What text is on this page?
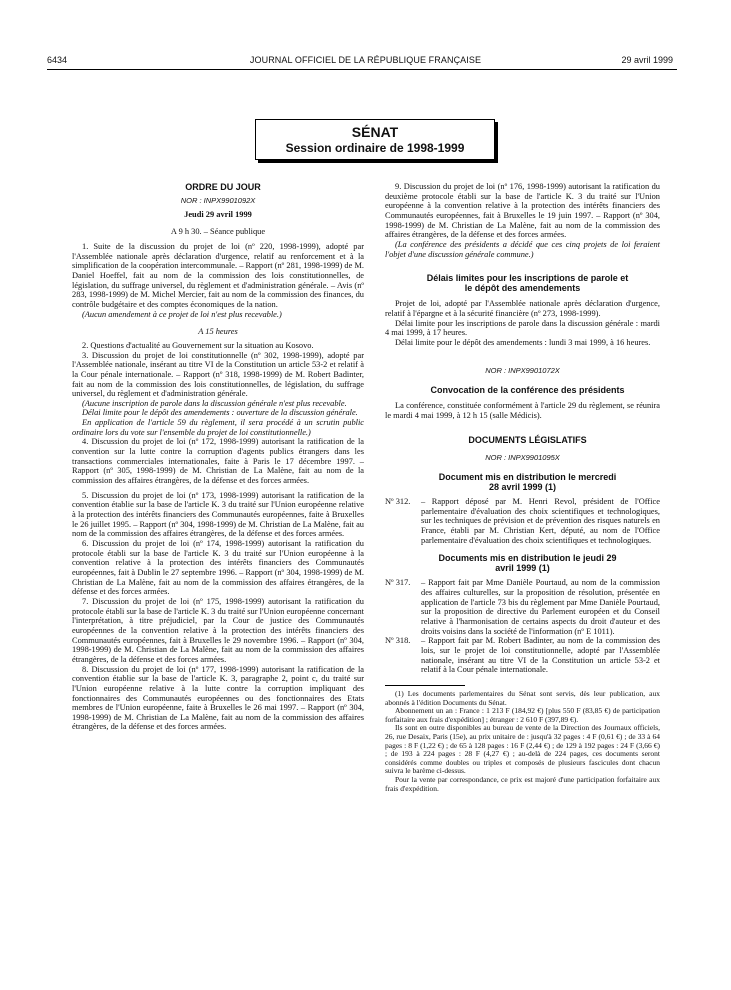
6434	JOURNAL OFFICIEL DE LA RÉPUBLIQUE FRANÇAISE	29 avril 1999
SÉNAT
Session ordinaire de 1998-1999

ORDRE DU JOUR

NOR : INPX9901092X

Jeudi 29 avril 1999

A 9 h 30. – Séance publique

1. Suite de la discussion du projet de loi (nº 220, 1998-1999), adopté par l'Assemblée nationale après déclaration d'urgence, relatif au renforcement et à la simplification de la coopération intercommunale. – Rapport (nº 281, 1998-1999) de M. Daniel Hoeffel, fait au nom de la commission des lois constitutionnelles, de législation, du suffrage universel, du règlement et d'administration générale. – Avis (nº 283, 1998-1999) de M. Michel Mercier, fait au nom de la commission des finances, du contrôle budgétaire et des comptes économiques de la nation.

(Aucun amendement à ce projet de loi n'est plus recevable.)

A 15 heures

2. Questions d'actualité au Gouvernement sur la situation au Kosovo.

3. Discussion du projet de loi constitutionnelle (nº 302, 1998-1999), adopté par l'Assemblée nationale, insérant au titre VI de la Constitution un article 53-2 et relatif à la Cour pénale internationale. – Rapport (nº 318, 1998-1999) de M. Robert Badinter, fait au nom de la commission des lois constitutionnelles, de législation, du suffrage universel, du règlement et d'administration générale.

(Aucune inscription de parole dans la discussion générale n'est plus recevable.

Délai limite pour le dépôt des amendements : ouverture de la discussion générale.

En application de l'article 59 du règlement, il sera procédé à un scrutin public ordinaire lors du vote sur l'ensemble du projet de loi constitutionnelle.)

4. Discussion du projet de loi (nº 172, 1998-1999) autorisant la ratification de la convention sur la lutte contre la corruption d'agents publics étrangers dans les transactions commerciales internationales, faite à Paris le 17 décembre 1997. – Rapport (nº 305, 1998-1999) de M. Christian de La Malène, fait au nom de la commission des affaires étrangères, de la défense et des forces armées.

5. Discussion du projet de loi (nº 173, 1998-1999) autorisant la ratification de la convention établie sur la base de l'article K. 3 du traité sur l'Union européenne relative à la protection des intérêts financiers des Communautés européennes, faite à Bruxelles le 26 juillet 1995. – Rapport (nº 304, 1998-1999) de M. Christian de La Malène, fait au nom de la commission des affaires étrangères, de la défense et des forces armées.

6. Discussion du projet de loi (nº 174, 1998-1999) autorisant la ratification du protocole établi sur la base de l'article K. 3 du traité sur l'Union européenne à la convention relative à la protection des intérêts financiers des Communautés européennes, fait à Dublin le 27 septembre 1996. – Rapport (nº 304, 1998-1999) de M. Christian de La Malène, fait au nom de la commission des affaires étrangères, de la défense et des forces armées.

7. Discussion du projet de loi (nº 175, 1998-1999) autorisant la ratification du protocole établi sur la base de l'article K. 3 du traité sur l'Union européenne concernant l'interprétation, à titre préjudiciel, par la Cour de justice des Communautés européennes de la convention relative à la protection des intérêts financiers des Communautés européennes, fait à Bruxelles le 29 novembre 1996. – Rapport (nº 304, 1998-1999) de M. Christian de La Malène, fait au nom de la commission des affaires étrangères, de la défense et des forces armées.

8. Discussion du projet de loi (nº 177, 1998-1999) autorisant la ratification de la convention établie sur la base de l'article K. 3, paragraphe 2, point c, du traité sur l'Union européenne relative à la lutte contre la corruption impliquant des fonctionnaires des Communautés européennes ou des fonctionnaires des Etats membres de l'Union européenne, faite à Bruxelles le 26 mai 1997. – Rapport (nº 304, 1998-1999) de M. Christian de La Malène, fait au nom de la commission des affaires étrangères, de la défense et des forces armées.

9. Discussion du projet de loi (nº 176, 1998-1999) autorisant la ratification du deuxième protocole établi sur la base de l'article K. 3 du traité sur l'Union européenne à la convention relative à la protection des intérêts financiers des Communautés européennes, fait à Bruxelles le 19 juin 1997. – Rapport (nº 304, 1998-1999) de M. Christian de La Malène, fait au nom de la commission des affaires étrangères, de la défense et des forces armées.

(La conférence des présidents a décidé que ces cinq projets de loi feraient l'objet d'une discussion générale commune.)

Délais limites pour les inscriptions de parole et le dépôt des amendements

Projet de loi, adopté par l'Assemblée nationale après déclaration d'urgence, relatif à l'épargne et à la sécurité financière (nº 273, 1998-1999).

Délai limite pour les inscriptions de parole dans la discussion générale : mardi 4 mai 1999, à 17 heures.

Délai limite pour le dépôt des amendements : lundi 3 mai 1999, à 16 heures.

NOR : INPX9901072X

Convocation de la conférence des présidents

La conférence, constituée conformément à l'article 29 du règlement, se réunira le mardi 4 mai 1999, à 12 h 15 (salle Médicis).

DOCUMENTS LÉGISLATIFS

NOR : INPX9901095X

Document mis en distribution le mercredi 28 avril 1999 (1)

Nº 312.	– Rapport déposé par M. Henri Revol, président de l'Office parlementaire d'évaluation des choix scientifiques et technologiques, sur les techniques de prévision et de prévention des risques naturels en France, établi par M. Christian Kert, député, au nom de l'Office parlementaire d'évaluation des choix scientifiques et technologiques.

Documents mis en distribution le jeudi 29 avril 1999 (1)

Nº 317.	– Rapport fait par Mme Danièle Pourtaud, au nom de la commission des affaires culturelles, sur la proposition de résolution, présentée en application de l'article 73 bis du règlement par Mme Danièle Pourtaud, sur la proposition de directive du Parlement européen et du Conseil relative à l'harmonisation de certains aspects du droit d'auteur et des droits voisins dans la société de l'information (nº E 1011).
Nº 318.	– Rapport fait par M. Robert Badinter, au nom de la commission des lois, sur le projet de loi constitutionnelle, adopté par l'Assemblée nationale, insérant au titre VI de la Constitution un article 53-2 et relatif à la Cour pénale internationale.

(1) Les documents parlementaires du Sénat sont servis, dès leur publication, aux abonnés à l'édition Documents du Sénat.

Abonnement un an : France : 1 213 F (184,92 €) [plus 550 F (83,85 €) de participation forfaitaire aux frais d'expédition] ; étranger : 2 610 F (397,89 €).

Ils sont en outre disponibles au bureau de vente de la Direction des Journaux officiels, 26, rue Desaix, Paris (15e), au prix unitaire de : jusqu'à 32 pages : 4 F (0,61 €) ; de 33 à 64 pages : 8 F (1,22 €) ; de 65 à 128 pages : 16 F (2,44 €) ; de 129 à 192 pages : 24 F (3,66 €) ; de 193 à 224 pages : 28 F (4,27 €) ; au-delà de 224 pages, ces documents seront considérés comme doubles ou triples et composés de plusieurs fascicules dont chacun suivra le barème ci-dessus.

Pour la vente par correspondance, ce prix est majoré d'une participation forfaitaire aux frais d'expédition.
